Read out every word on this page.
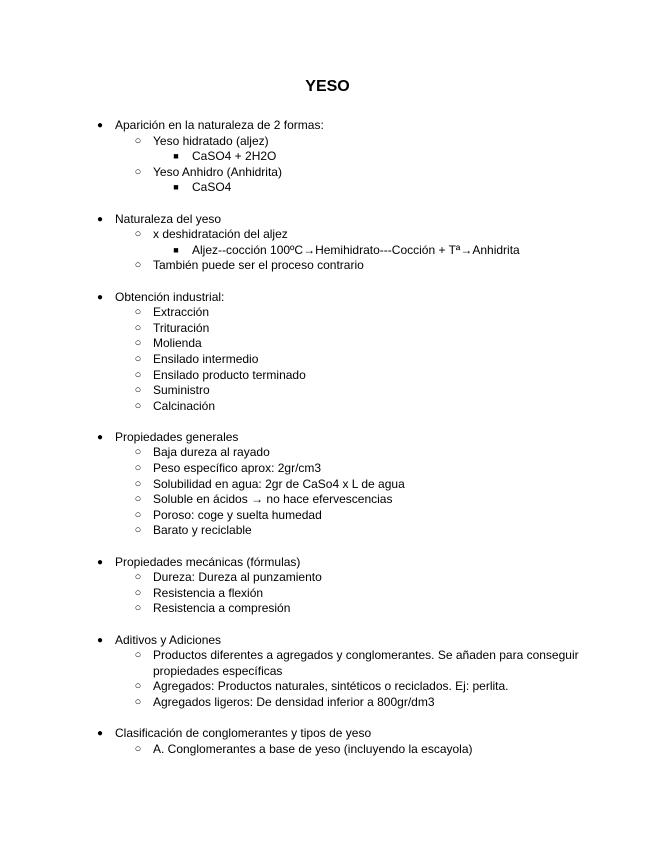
YESO
● Aparición en la naturaleza de 2 formas:
○ Yeso hidratado (aljez)
■ CaSO4 + 2H2O
○ Yeso Anhidro (Anhidrita)
■ CaSO4
● Naturaleza del yeso
○ x deshidratación del aljez
■ Aljez--cocción 100ºC→Hemihidrato---Cocción + Tª→Anhidrita
○ También puede ser el proceso contrario
● Obtención industrial:
○ Extracción
○ Trituración
○ Molienda
○ Ensilado intermedio
○ Ensilado producto terminado
○ Suministro
○ Calcinación
● Propiedades generales
○ Baja dureza al rayado
○ Peso específico aprox: 2gr/cm3
○ Solubilidad en agua: 2gr de CaSo4 x L de agua
○ Soluble en ácidos → no hace efervescencias
○ Poroso: coge y suelta humedad
○ Barato y reciclable
● Propiedades mecánicas (fórmulas)
○ Dureza: Dureza al punzamiento
○ Resistencia a flexión
○ Resistencia a compresión
● Aditivos y Adiciones
○ Productos diferentes a agregados y conglomerantes. Se añaden para conseguir propiedades específicas
○ Agregados: Productos naturales, sintéticos o reciclados. Ej: perlita.
○ Agregados ligeros: De densidad inferior a 800gr/dm3
● Clasificación de conglomerantes y tipos de yeso
○ A. Conglomerantes a base de yeso (incluyendo la escayola)
